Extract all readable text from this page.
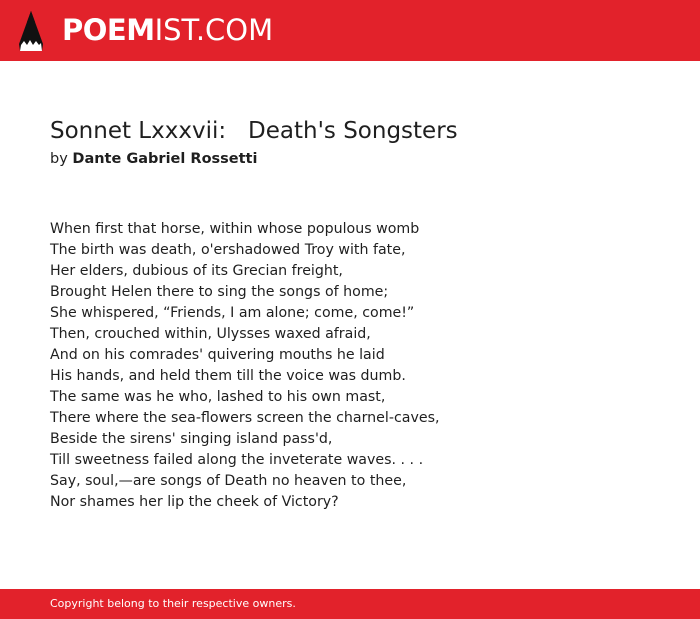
POEMIST.COM
Sonnet Lxxxvii:   Death's Songsters
by Dante Gabriel Rossetti
When first that horse, within whose populous womb
The birth was death, o'ershadowed Troy with fate,
Her elders, dubious of its Grecian freight,
Brought Helen there to sing the songs of home;
She whispered, “Friends, I am alone; come, come!”
Then, crouched within, Ulysses waxed afraid,
And on his comrades' quivering mouths he laid
His hands, and held them till the voice was dumb.
The same was he who, lashed to his own mast,
There where the sea-flowers screen the charnel-caves,
Beside the sirens' singing island pass'd,
Till sweetness failed along the inveterate waves. . . .
Say, soul,—are songs of Death no heaven to thee,
Nor shames her lip the cheek of Victory?
Copyright belong to their respective owners.
